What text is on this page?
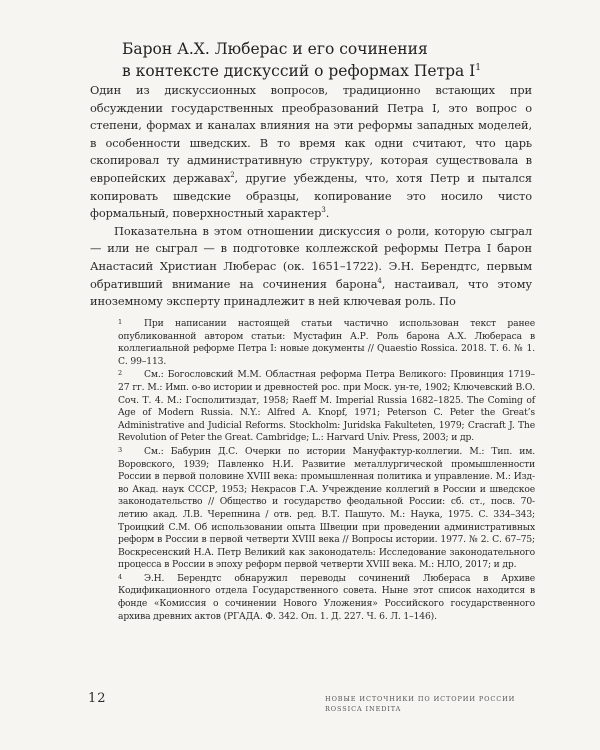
Барон А.Х. Люберас и его сочинения
в контексте дискуссий о реформах Петра $I^1$

Один из дискуссионных вопросов, традиционно встающих при обсуждении государственных преобразований Петра I, это вопрос о степени, формах и каналах влияния на эти реформы западных моделей, в особенности шведских. В то время как одни считают, что царь скопировал ту административную структуру, которая существовала в европейских державах$^2$, другие убеждены, что, хотя Петр и пытался копировать шведские образцы, копирование это носило чисто формальный, поверхностный характер$^3$.

Показательна в этом отношении дискуссия о роли, которую сыграл — или не сыграл — в подготовке коллежской реформы Петра I барон Анастасий Христиан Люберас (ок. 1651–1722). Э.Н. Берендтс, первым обративший внимание на сочинения барона$^4$, настаивал, что этому иноземному эксперту принадлежит в ней ключевая роль. По

1	При написании настоящей статьи частично использован текст ранее опубликованной автором статьи: Мустафин А.Р. Роль барона А.Х. Любераса в коллегиальной реформе Петра I: новые документы // Quaestio Rossica. 2018. Т. 6. № 1. С. 99–113.
2	См.: Богословский М.М. Областная реформа Петра Великого: Провинция 1719–27 гг. М.: Имп. о-во истории и древностей рос. при Моск. ун-те, 1902; Ключевский В.О. Соч. Т. 4. М.: Госполитиздат, 1958; Raeff M. Imperial Russia 1682–1825. The Coming of Age of Modern Russia. N.Y.: Alfred A. Knopf, 1971; Peterson C. Peter the Great’s Administrative and Judicial Reforms. Stockholm: Juridska Fakulteten, 1979; Cracraft J. The Revolution of Peter the Great. Cambridge; L.: Harvard Univ. Press, 2003; и др.
3	См.: Бабурин Д.С. Очерки по истории Мануфактур-коллегии. М.: Тип. им. Воровского, 1939; Павленко Н.И. Развитие металлургической промышленности России в первой половине XVIII века: промышленная политика и управление. М.: Изд-во Акад. наук СССР, 1953; Некрасов Г.А. Учреждение коллегий в России и шведское законодательство // Общество и государство феодальной России: сб. ст., посв. 70-летию акад. Л.В. Черепнина / отв. ред. В.Т. Пашуто. М.: Наука, 1975. С. 334–343; Троицкий С.М. Об использовании опыта Швеции при проведении административных реформ в России в первой четверти XVIII века // Вопросы истории. 1977. № 2. С. 67–75; Воскресенский Н.А. Петр Великий как законодатель: Исследование законодательного процесса в России в эпоху реформ первой четверти XVIII века. М.: НЛО, 2017; и др.
4	Э.Н. Берендтс обнаружил переводы сочинений Любераса в Архиве Кодификационного отдела Государственного совета. Ныне этот список находится в фонде «Комиссия о сочинении Нового Уложения» Российского государственного архива древних актов (РГАДА. Ф. 342. Оп. 1. Д. 227. Ч. 6. Л. 1–146).
12	НОВЫЕ ИСТОЧНИКИ ПО ИСТОРИИ РОССИИ
ROSSICA INEDITA
